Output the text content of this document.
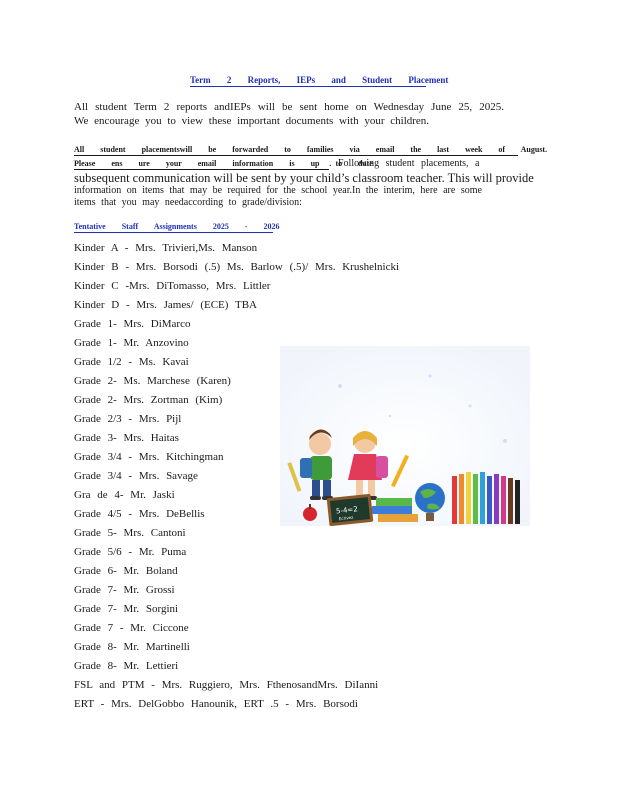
Term 2 Reports, IEPs and Student Placement
All student Term 2 reports andIEPs will be sent home on Wednesday June 25, 2025. We encourage you to view these important documents with your children.
All student placementswill be forwarded to families via email the last week of August.
Please ens ure your email information is up to date. Following student placements, a
subsequent communication will be sent by your child’s classroom teacher. This will provide
information on items that may be required for the school year.In the interim, here are some
items that you may needaccording to grade/division:
Tentative Staff Assignments 2025 - 2026
Kinder A - Mrs. Trivieri,Ms. Manson
Kinder B - Mrs. Borsodi (.5) Ms. Barlow (.5)/ Mrs. Krushelnicki
Kinder C -Mrs. DiTomasso, Mrs. Littler
Kinder D - Mrs. James/ (ECE) TBA
Grade 1- Mrs. DiMarco
Grade 1- Mr. Anzovino
Grade 1/2 - Ms. Kavai
Grade 2- Ms. Marchese (Karen)
Grade 2- Mrs. Zortman (Kim)
Grade 2/3 - Mrs. Pijl
Grade 3- Mrs. Haitas
Grade 3/4 - Mrs. Kitchingman
Grade 3/4 - Mrs. Savage
Gra de 4- Mr. Jaski
Grade 4/5 - Mrs. DeBellis
Grade 5- Mrs. Cantoni
Grade 5/6 - Mr. Puma
Grade 6- Mr. Boland
Grade 7- Mr. Grossi
Grade 7- Mr. Sorgini
Grade 7 - Mr. Ciccone
Grade 8- Mr. Martinelli
Grade 8- Mr. Lettieri
FSL and PTM - Mrs. Ruggiero, Mrs. FthenosandMrs. DiIanni
ERT - Mrs. DelGobbo Hanounik, ERT .5 - Mrs. Borsodi
5-4=2
Ecrivez
